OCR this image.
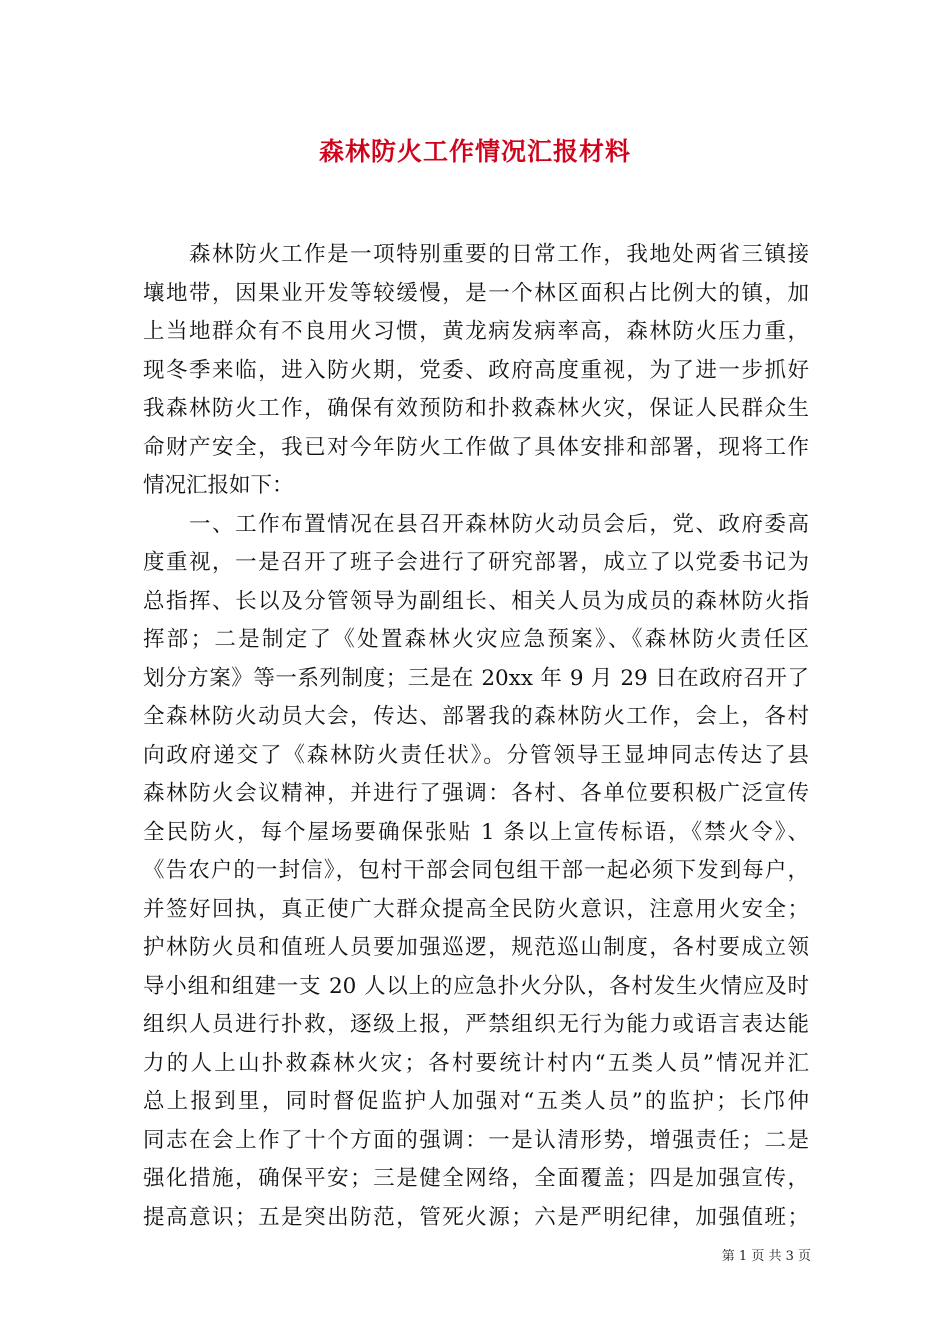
森林防火工作情况汇报材料
　　森林防火工作是一项特别重要的日常工作，我地处两省三镇接
壤地带，因果业开发等较缓慢，是一个林区面积占比例大的镇，加
上当地群众有不良用火习惯，黄龙病发病率高，森林防火压力重，
现冬季来临，进入防火期，党委、政府高度重视，为了进一步抓好
我森林防火工作，确保有效预防和扑救森林火灾，保证人民群众生
命财产安全，我已对今年防火工作做了具体安排和部署，现将工作
情况汇报如下：
　　一、工作布置情况在县召开森林防火动员会后，党、政府委高
度重视，一是召开了班子会进行了研究部署，成立了以党委书记为
总指挥、长以及分管领导为副组长、相关人员为成员的森林防火指
挥部；二是制定了《处置森林火灾应急预案》、《森林防火责任区
划分方案》等一系列制度；三是在 20xx 年 9 月 29 日在政府召开了
全森林防火动员大会，传达、部署我的森林防火工作，会上，各村
向政府递交了《森林防火责任状》。分管领导王显坤同志传达了县
森林防火会议精神，并进行了强调：各村、各单位要积极广泛宣传
全民防火，每个屋场要确保张贴 1 条以上宣传标语，《禁火令》、
《告农户的一封信》，包村干部会同包组干部一起必须下发到每户，
并签好回执，真正使广大群众提高全民防火意识，注意用火安全；
护林防火员和值班人员要加强巡逻，规范巡山制度，各村要成立领
导小组和组建一支 20 人以上的应急扑火分队，各村发生火情应及时
组织人员进行扑救，逐级上报，严禁组织无行为能力或语言表达能
力的人上山扑救森林火灾；各村要统计村内“五类人员”情况并汇
总上报到里，同时督促监护人加强对“五类人员”的监护；长邝仲
同志在会上作了十个方面的强调：一是认清形势，增强责任；二是
强化措施，确保平安；三是健全网络，全面覆盖；四是加强宣传，
提高意识；五是突出防范，管死火源；六是严明纪律，加强值班；
第 1 页 共 3 页
